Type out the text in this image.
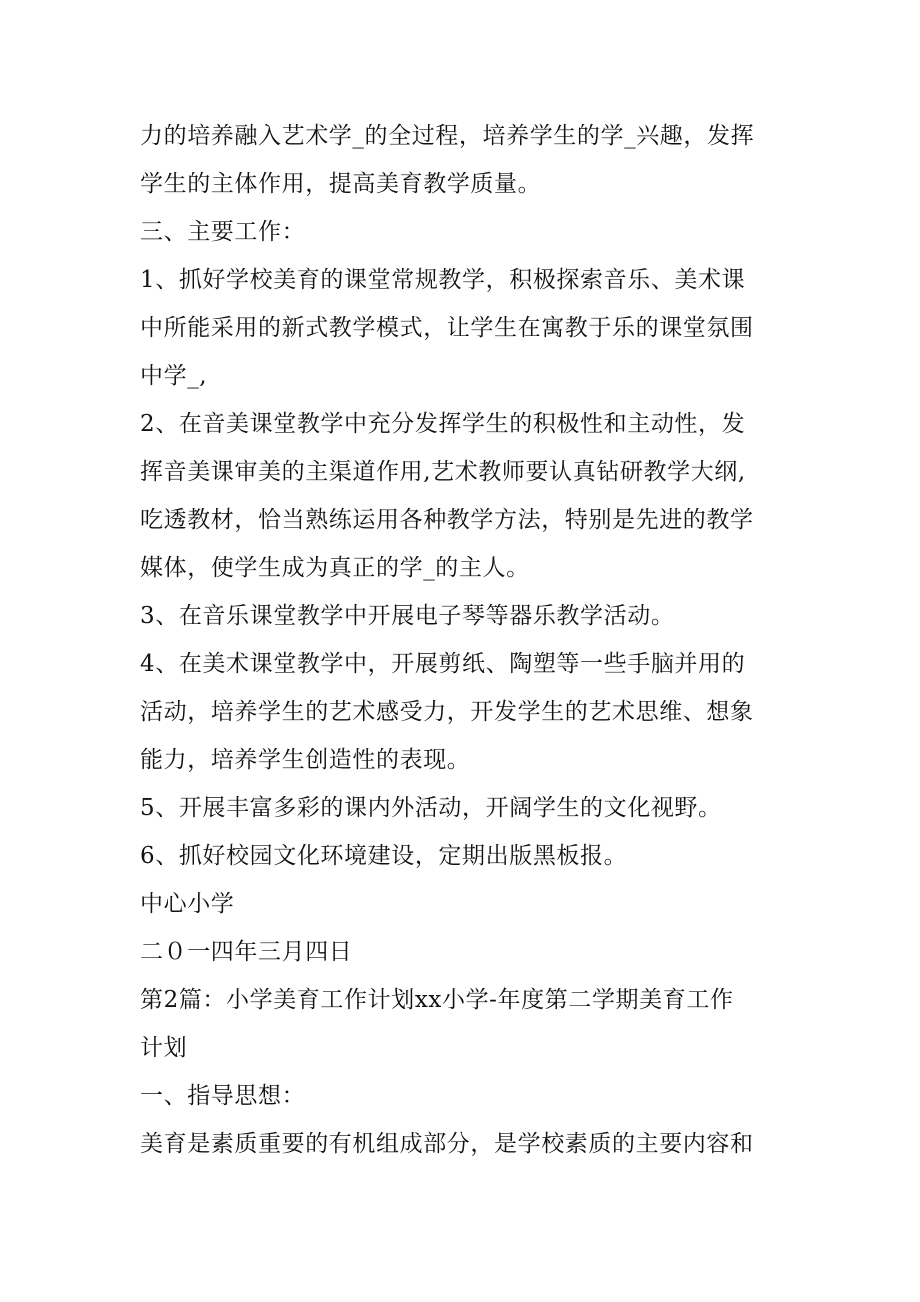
力的培养融入艺术学_的全过程，培养学生的学_兴趣，发挥
学生的主体作用，提高美育教学质量。
三、主要工作：
1、抓好学校美育的课堂常规教学，积极探索音乐、美术课
中所能采用的新式教学模式，让学生在寓教于乐的课堂氛围
中学_,
2、在音美课堂教学中充分发挥学生的积极性和主动性，发
挥音美课审美的主渠道作用,艺术教师要认真钻研教学大纲,
吃透教材，恰当熟练运用各种教学方法，特别是先进的教学
媒体，使学生成为真正的学_的主人。
3、在音乐课堂教学中开展电子琴等器乐教学活动。
4、在美术课堂教学中，开展剪纸、陶塑等一些手脑并用的
活动，培养学生的艺术感受力，开发学生的艺术思维、想象
能力，培养学生创造性的表现。
5、开展丰富多彩的课内外活动，开阔学生的文化视野。
6、抓好校园文化环境建设，定期出版黑板报。
中心小学
二０一四年三月四日
第2篇：小学美育工作计划xx小学-年度第二学期美育工作
计划
一、指导思想：
美育是素质重要的有机组成部分，是学校素质的主要内容和
